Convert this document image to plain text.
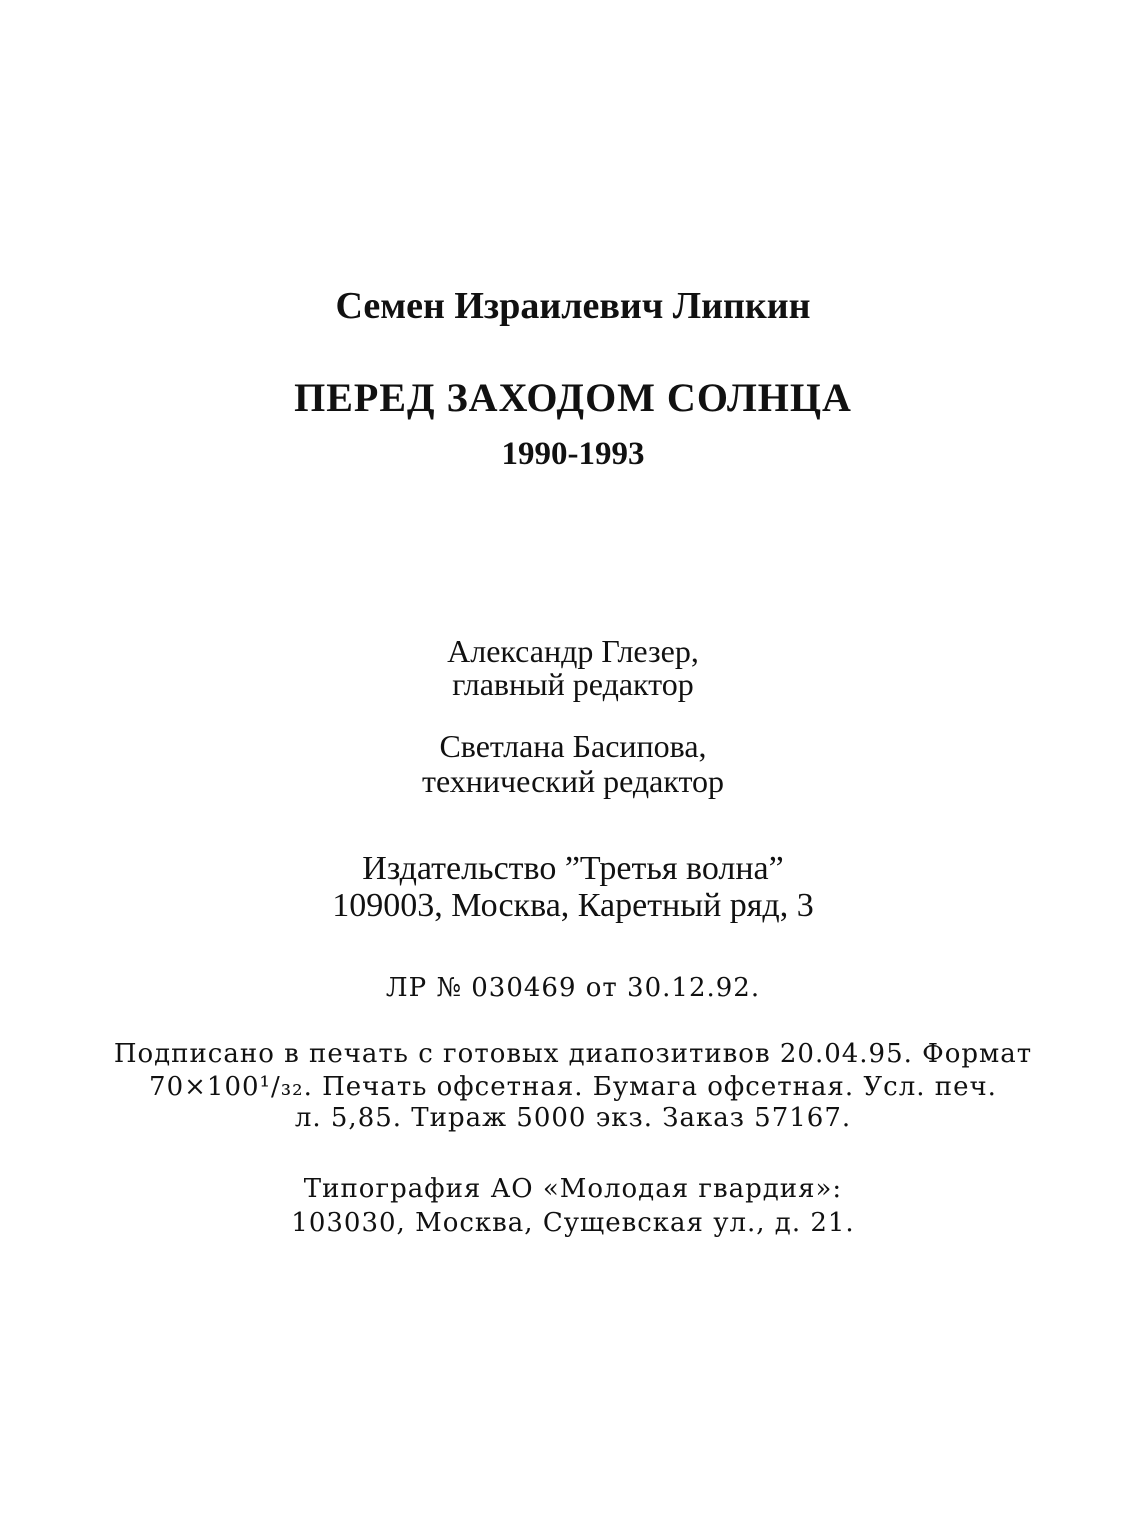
Семен Израилевич Липкин

ПЕРЕД ЗАХОДОМ СОЛНЦА

1990-1993

Александр Глезер,

главный редактор

Светлана Басипова,

технический редактор

Издательство ”Третья волна”

109003, Москва, Каретный ряд, 3

ЛР № 030469 от 30.12.92.

Подписано в печать с готовых диапозитивов 20.04.95. Формат

70×100¹/₃₂. Печать офсетная. Бумага офсетная. Усл. печ.

л. 5,85. Тираж 5000 экз. Заказ 57167.

Типография АО «Молодая гвардия»:

103030, Москва, Сущевская ул., д. 21.
